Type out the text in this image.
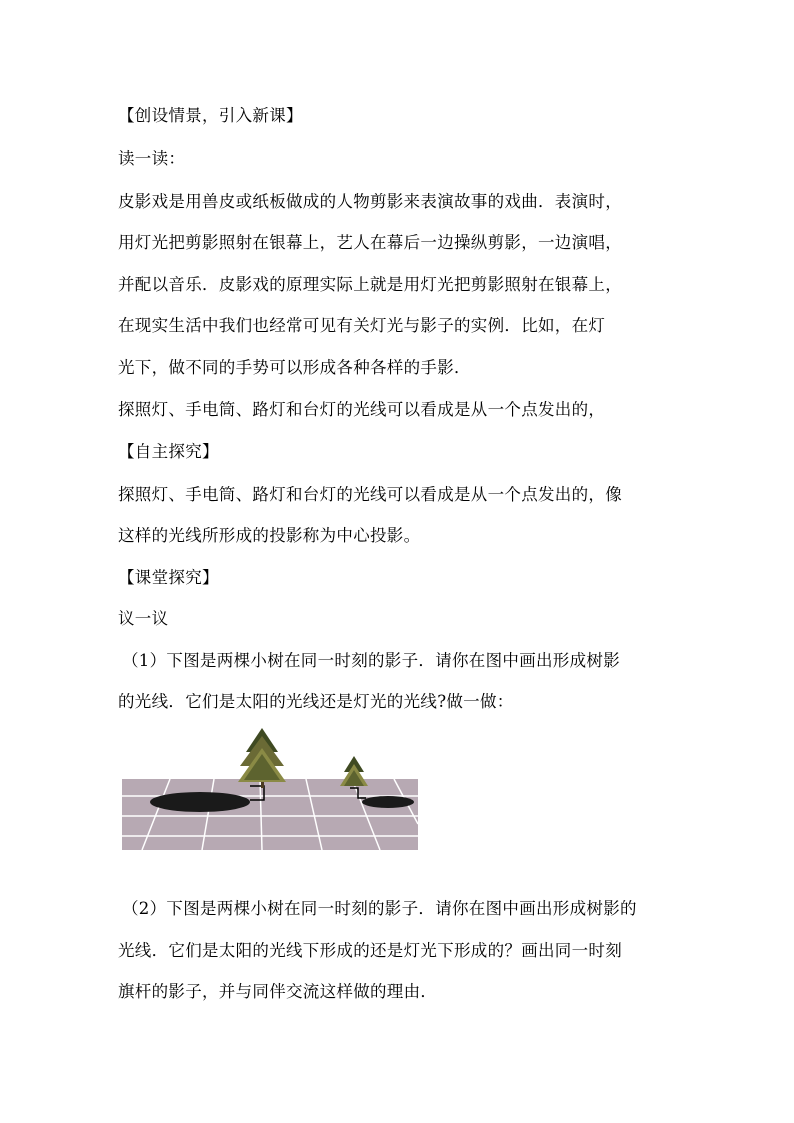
【创设情景，引入新课】
读一读：
皮影戏是用兽皮或纸板做成的人物剪影来表演故事的戏曲．表演时，
用灯光把剪影照射在银幕上，艺人在幕后一边操纵剪影，一边演唱，
并配以音乐．皮影戏的原理实际上就是用灯光把剪影照射在银幕上，
在现实生活中我们也经常可见有关灯光与影子的实例．比如，在灯
光下，做不同的手势可以形成各种各样的手影．
探照灯、手电筒、路灯和台灯的光线可以看成是从一个点发出的，
【自主探究】
探照灯、手电筒、路灯和台灯的光线可以看成是从一个点发出的，像
这样的光线所形成的投影称为中心投影。
【课堂探究】
议一议
（1）下图是两棵小树在同一时刻的影子．请你在图中画出形成树影
的光线．它们是太阳的光线还是灯光的光线?做一做：
（2）下图是两棵小树在同一时刻的影子．请你在图中画出形成树影的
光线．它们是太阳的光线下形成的还是灯光下形成的？画出同一时刻
旗杆的影子，并与同伴交流这样做的理由．
